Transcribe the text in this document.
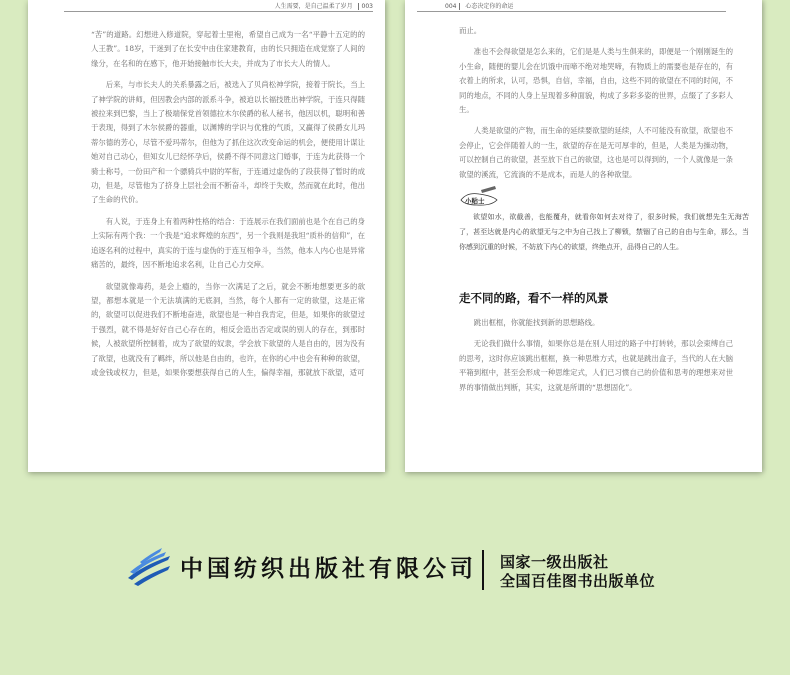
人生需要，是自己温柔了岁月 003

“苦”的道路。幻想进入修道院，穿起着士里袍，希望自己成为一名“平静十五定的的人王教”。18岁，干迷到了在长安中由住家建教育，由的长只拥造在成觉察了人间的缘分，在名和的在感下，他开始接触市长大夫，并成为了市长大人的情人。

后来，与市长夫人的关系暴露之后，被选入了贝尚松神学院，接着于院长，当上了神学院的讲师，但因教会内部的派系斗争，被迫以长福技胜出神学院，于连只得随被拉来到巴黎，当上了极端保党首领德拉木尔侯爵的私人秘书，他因以机，聪明和善于表现，得到了木尔侯爵的器重，以渊博的学识与优雅的气质，又赢得了侯爵女儿玛蒂尔德的芳心，尽管不爱玛蒂尔，但他为了抓住这次改变命运的机会，便使用计谋让她对自己动心，但知女儿已经怀孕后，侯爵不得不同意这门婚事，于连为此获得一个骑士称号，一份田产和一个骠骑兵中尉的军衔，于连通过虚伪的了段获得了暂时的成功，但是，尽管他为了挤身上层社会而不断奋斗，却终于失败，然而就在此时，他出了生命的代价。

有人说，于连身上有着两种性格的结合：于连展示在我们面前也是个在自己的身上实际有两个我：一个我是“追求辉煌的东西”，另一个我则是我坦“质朴的信仰”，在追逐名利的过程中，真实的于连与虚伪的于连互相争斗，当然，他本人内心也是异常痛苦的，最终，因不断地追求名利，让自己心力交瘁。

欲望就像毒药，是会上瘾的，当你一次满足了之后，就会不断地想要更多的欲望，都想本就是一个无法填满的无底洞，当然，每个人都有一定的欲望，这是正常的，欲望可以促进我们不断地奋进，欲望也是一种自我肯定，但是，如果你的欲望过于强烈，就不得是好好自己心存在的，相反会造出否定或误的别人的存在，到那时候，人被欲望所控制着，成为了欲望的奴隶，学会放下欲望的人是自由的，因为没有了欲望，也就没有了羁绊，所以他是自由的，也许，在你的心中也会有种种的欲望，或金钱或权力，但是，如果你要想获得自己的人生，偏得幸福，那就放下欲望，适可

004 心态决定你的命运

而止。

准也不会得欲望是怎么来的，它们是是人类与生俱来的，即便是一个刚刚诞生的小生命，随便的婴儿会在饥饿中而啼不绝对地哭啼，有物质上的需要也是存在的，有衣着上的所求，认可，恐惧，自信，幸福，自由，这些不同的欲望在不同的时间，不同的地点，不同的人身上呈现着多种面貌，构成了多彩多姿的世界，点缀了了多彩人生。

人类是欲望的产物，而生命的延续要欲望的延续，人不可能没有欲望，欲望也不会停止，它会伴随着人的一生，欲望的存在是无可厚非的，但是，人类是为操动物，可以控制自己的欲望，甚至放下自己的欲望，这也是可以得到的，一个人就像是一条欲望的溪流，它流淌的不是成本，而是人的各种欲望。

小贴士
欲望如水，欲截善，也能覆舟，就看你如何去对待了，很多时候，我们就想先生无海苦了，甚至达就是内心的欲望无与之中为自己找上了柳锁，禁锢了自己的自由与生命，那么，当你感到沉重的时候，不妨放下内心的欲望，终绝点开，品得自己的人生。
走不同的路，看不一样的风景

跳出框框，你就能找到新的思想路线。

无论我们做什么事情，如果你总是在别人用过的路子中打转转，那以会束缚自己的思考，这时你应该跳出框框，换一种思维方式，也就是跳出盒子，当代的人在大脑平箱到框中，甚至会形成一种思维定式，人们已习惯自己的价值和思考的理想来对世界的事情做出判断，其实，这就是所谓的“思想固化”。

中国纺织出版社有限公司 国家一级出版社
全国百佳图书出版单位
